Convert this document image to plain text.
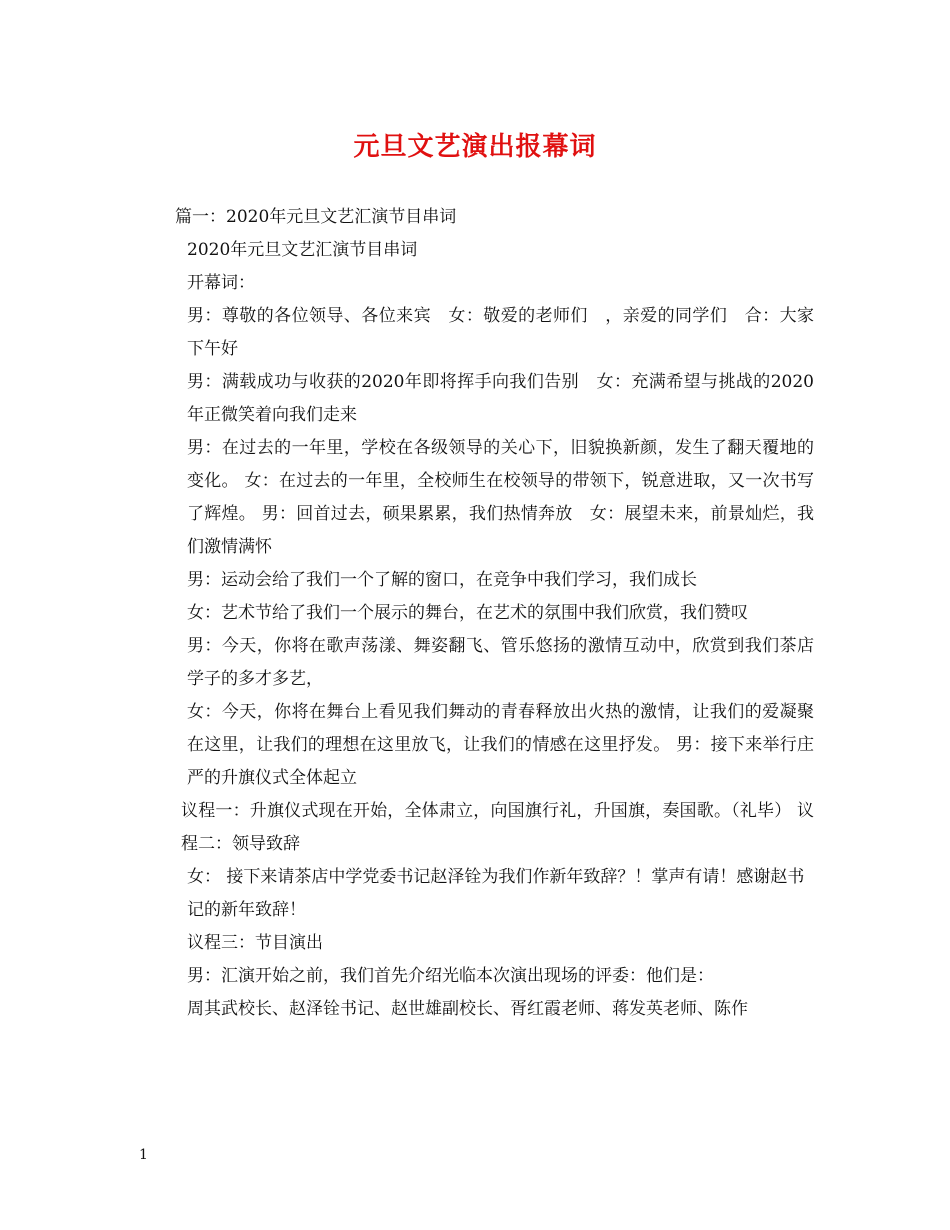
元旦文艺演出报幕词

篇一：2020年元旦文艺汇演节目串词

2020年元旦文艺汇演节目串词

开幕词：

男：尊敬的各位领导、各位来宾　女：敬爱的老师们　，亲爱的同学们　合：大家下午好

男：满载成功与收获的2020年即将挥手向我们告别　女：充满希望与挑战的2020年正微笑着向我们走来

男：在过去的一年里，学校在各级领导的关心下，旧貌换新颜，发生了翻天覆地的变化。 女：在过去的一年里，全校师生在校领导的带领下，锐意进取，又一次书写了辉煌。 男：回首过去，硕果累累，我们热情奔放　女：展望未来，前景灿烂，我们激情满怀

男：运动会给了我们一个了解的窗口，在竞争中我们学习，我们成长

女：艺术节给了我们一个展示的舞台，在艺术的氛围中我们欣赏，我们赞叹

男：今天，你将在歌声荡漾、舞姿翻飞、管乐悠扬的激情互动中，欣赏到我们茶店学子的多才多艺，

女：今天，你将在舞台上看见我们舞动的青春释放出火热的激情，让我们的爱凝聚在这里，让我们的理想在这里放飞，让我们的情感在这里抒发。 男：接下来举行庄严的升旗仪式全体起立

议程一：升旗仪式现在开始，全体肃立，向国旗行礼，升国旗，奏国歌。（礼毕） 议程二：领导致辞

女： 接下来请茶店中学党委书记赵泽铨为我们作新年致辞？！掌声有请！感谢赵书

记的新年致辞！

议程三：节目演出

男：汇演开始之前，我们首先介绍光临本次演出现场的评委：他们是：

周其武校长、赵泽铨书记、赵世雄副校长、胥红霞老师、蒋发英老师、陈作

1
